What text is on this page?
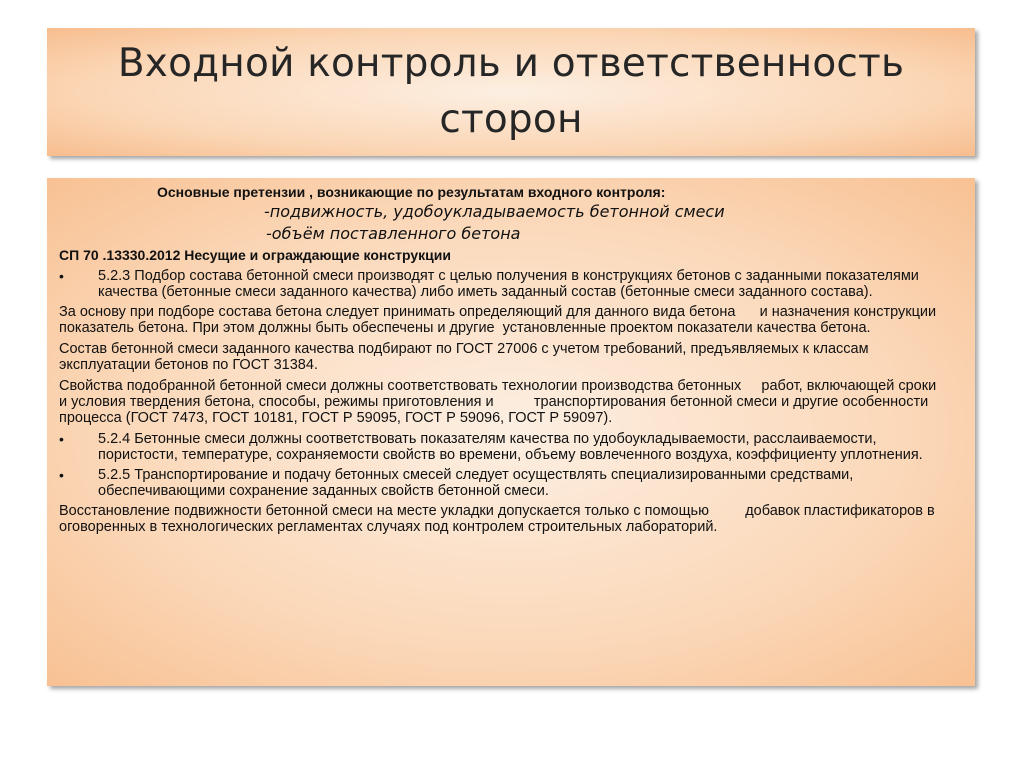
Входной контроль и ответственность
сторон
Основные претензии , возникающие по результатам входного контроля:
-подвижность, удобоукладываемость бетонной смеси
-объём поставленного бетона
СП 70 .13330.2012 Несущие и ограждающие конструкции
•	5.2.3 Подбор состава бетонной смеси производят с целью получения в конструкциях бетонов с заданными показателями качества (бетонные смеси заданного качества) либо иметь заданный состав (бетонные смеси заданного состава).
За основу при подборе состава бетона следует принимать определяющий для данного вида бетона      и назначения конструкции показатель бетона. При этом должны быть обеспечены и другие  установленные проектом показатели качества бетона.
Состав бетонной смеси заданного качества подбирают по ГОСТ 27006 с учетом требований, предъявляемых к классам эксплуатации бетонов по ГОСТ 31384.
Свойства подобранной бетонной смеси должны соответствовать технологии производства бетонных     работ, включающей сроки и условия твердения бетона, способы, режимы приготовления и          транспортирования бетонной смеси и другие особенности процесса (ГОСТ 7473, ГОСТ 10181, ГОСТ Р 59095, ГОСТ Р 59096, ГОСТ Р 59097).
•	5.2.4 Бетонные смеси должны соответствовать показателям качества по удобоукладываемости, расслаиваемости, пористости, температуре, сохраняемости свойств во времени, объему вовлеченного воздуха, коэффициенту уплотнения.
•	5.2.5 Транспортирование и подачу бетонных смесей следует осуществлять специализированными средствами, обеспечивающими сохранение заданных свойств бетонной смеси.
Восстановление подвижности бетонной смеси на месте укладки допускается только с помощью         добавок пластификаторов в оговоренных в технологических регламентах случаях под контролем строительных лабораторий.
